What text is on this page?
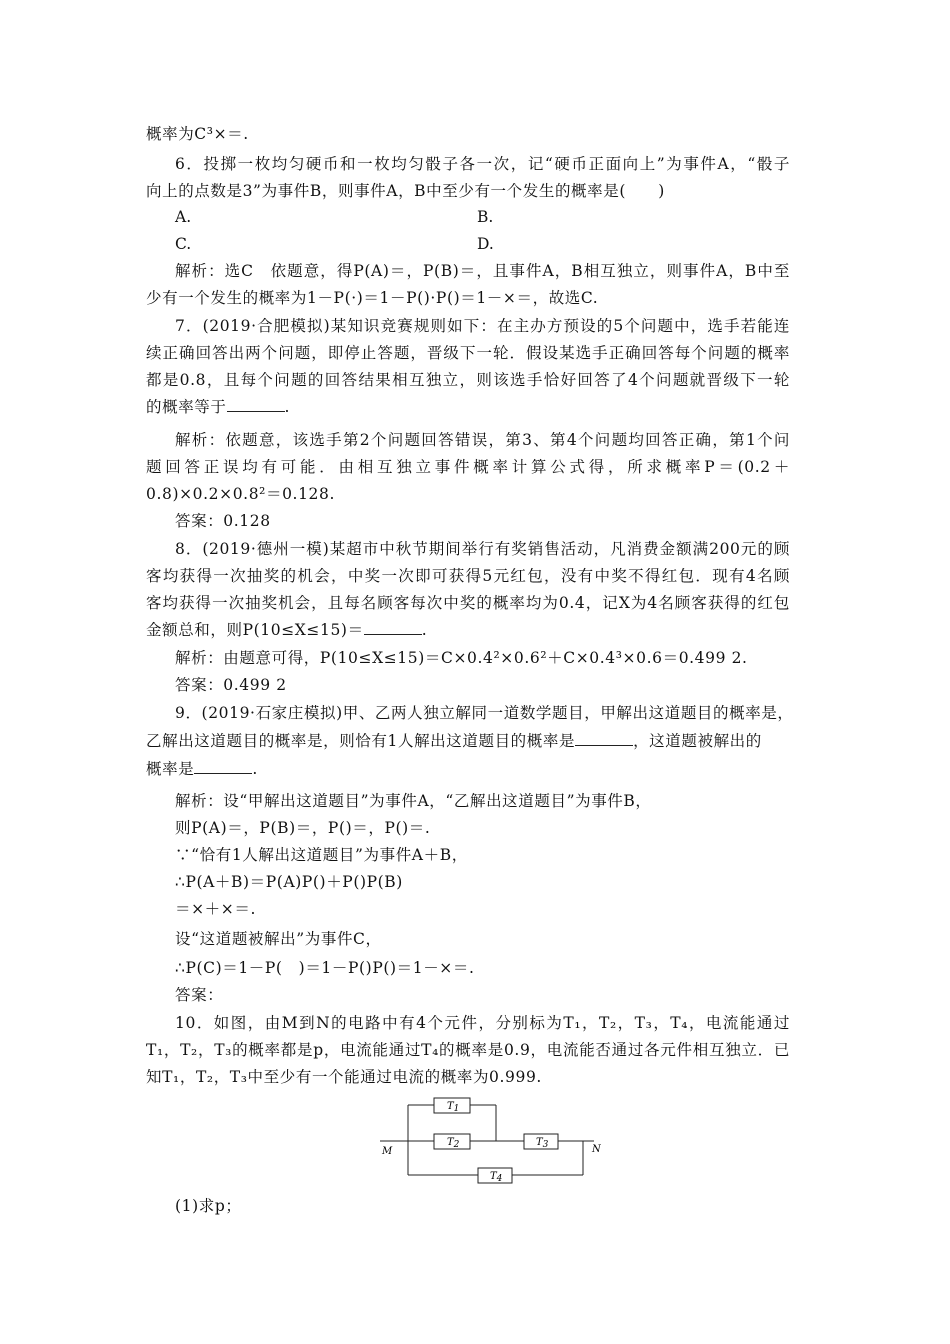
概率为C³×＝.
6．投掷一枚均匀硬币和一枚均匀骰子各一次，记“硬币正面向上”为事件A，“骰子
向上的点数是3”为事件B，则事件A，B中至少有一个发生的概率是(　　)
A.	B.
C.	D.
解析：选C　依题意，得P(A)＝，P(B)＝，且事件A，B相互独立，则事件A，B中至
少有一个发生的概率为1－P(·)＝1－P()·P()＝1－×＝，故选C.
7．(2019·合肥模拟)某知识竞赛规则如下：在主办方预设的5个问题中，选手若能连
续正确回答出两个问题，即停止答题，晋级下一轮．假设某选手正确回答每个问题的概率
都是0.8，且每个问题的回答结果相互独立，则该选手恰好回答了4个问题就晋级下一轮
的概率等于	.
解析：依题意，该选手第2个问题回答错误，第3、第4个问题均回答正确，第1个问
题回答正误均有可能．由相互独立事件概率计算公式得，所求概率P＝(0.2＋
0.8)×0.2×0.8²＝0.128.
答案：0.128
8．(2019·德州一模)某超市中秋节期间举行有奖销售活动，凡消费金额满200元的顾
客均获得一次抽奖的机会，中奖一次即可获得5元红包，没有中奖不得红包．现有4名顾
客均获得一次抽奖机会，且每名顾客每次中奖的概率均为0.4，记X为4名顾客获得的红包
金额总和，则P(10≤X≤15)＝	.
解析：由题意可得，P(10≤X≤15)＝C×0.4²×0.6²＋C×0.4³×0.6＝0.499 2.
答案：0.499 2
9．(2019·石家庄模拟)甲、乙两人独立解同一道数学题目，甲解出这道题目的概率是，
乙解出这道题目的概率是，则恰有1人解出这道题目的概率是	，这道题被解出的
概率是	.
解析：设“甲解出这道题目”为事件A，“乙解出这道题目”为事件B，
则P(A)＝，P(B)＝，P()＝，P()＝.
∵“恰有1人解出这道题目”为事件A＋B，
∴P(A＋B)＝P(A)P()＋P()P(B)
＝×＋×＝.
设“这道题被解出”为事件C，
∴P(C)＝1－P(　)＝1－P()P()＝1－×＝.
答案：
10．如图，由M到N的电路中有4个元件，分别标为T₁，T₂，T₃，T₄，电流能通过
T₁，T₂，T₃的概率都是p，电流能通过T₄的概率是0.9，电流能否通过各元件相互独立．已
知T₁，T₂，T₃中至少有一个能通过电流的概率为0.999.
M	N
T1
T2	T3
T4
(1)求p；
